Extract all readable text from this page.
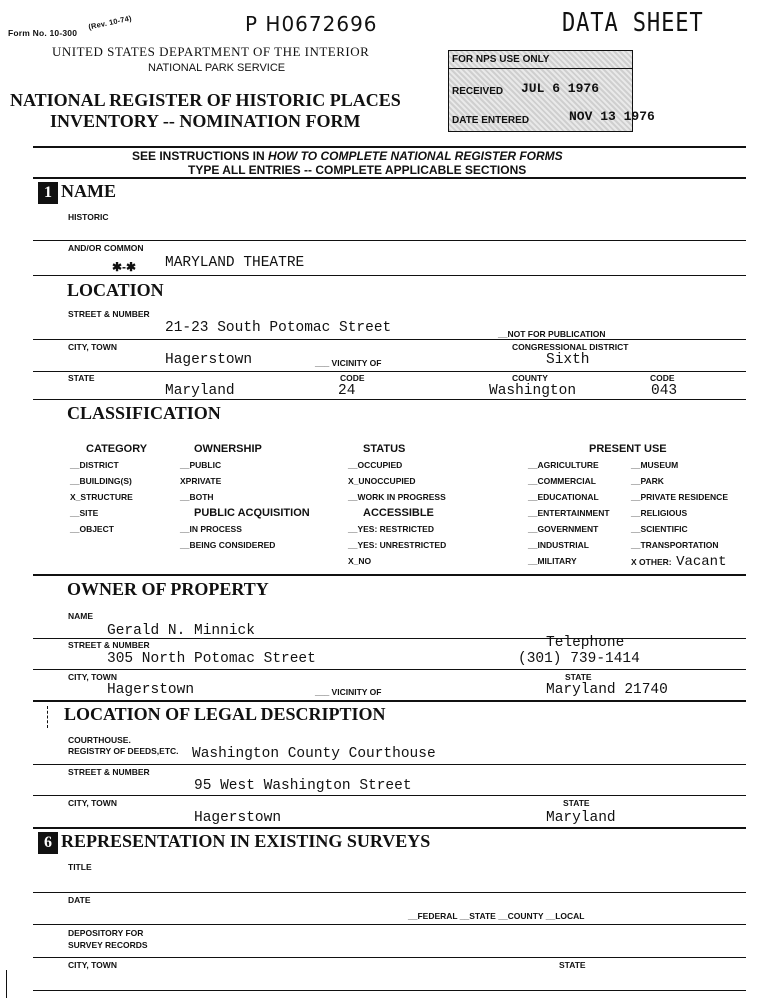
Form No. 10-300
(Rev. 10-74)	P H0672696	DATA SHEET
UNITED STATES DEPARTMENT OF THE INTERIOR
NATIONAL PARK SERVICE
NATIONAL REGISTER OF HISTORIC PLACES
INVENTORY -- NOMINATION FORM
FOR NPS USE ONLY
RECEIVED JUL 6 1976
DATE ENTERED	NOV 13 1976
SEE INSTRUCTIONS IN HOW TO COMPLETE NATIONAL REGISTER FORMS
TYPE ALL ENTRIES -- COMPLETE APPLICABLE SECTIONS
1 NAME
HISTORIC
AND/OR COMMON
✱-✱ MARYLAND THEATRE
LOCATION
STREET & NUMBER
21-23 South Potomac Street	__NOT FOR PUBLICATION
CITY, TOWN
Hagerstown	___ VICINITY OF
CONGRESSIONAL DISTRICT
Sixth
STATE
Maryland
CODE
24
COUNTY
Washington
CODE
043
CLASSIFICATION
CATEGORY
__DISTRICT
__BUILDING(S)
X_STRUCTURE
__SITE
__OBJECT
OWNERSHIP
__PUBLIC
XPRIVATE
__BOTH
PUBLIC ACQUISITION
__IN PROCESS
__BEING CONSIDERED
STATUS
__OCCUPIED
X_UNOCCUPIED
__WORK IN PROGRESS
ACCESSIBLE
__YES: RESTRICTED
__YES: UNRESTRICTED
X_NO
PRESENT USE
__AGRICULTURE
__COMMERCIAL
__EDUCATIONAL
__ENTERTAINMENT
__GOVERNMENT
__INDUSTRIAL
__MILITARY
__MUSEUM
__PARK
__PRIVATE RESIDENCE
__RELIGIOUS
__SCIENTIFIC
__TRANSPORTATION
X OTHER: Vacant
OWNER OF PROPERTY
NAME
Gerald N. Minnick
STREET & NUMBER	Telephone
305 North Potomac Street	(301) 739-1414
CITY, TOWN
Hagerstown	___ VICINITY OF
STATE
Maryland 21740
LOCATION OF LEGAL DESCRIPTION
COURTHOUSE.
REGISTRY OF DEEDS,ETC. Washington County Courthouse
STREET & NUMBER
95 West Washington Street
CITY, TOWN	STATE
Hagerstown	Maryland
6 REPRESENTATION IN EXISTING SURVEYS
TITLE
DATE
__FEDERAL __STATE __COUNTY __LOCAL
DEPOSITORY FOR
SURVEY RECORDS
CITY, TOWN	STATE
